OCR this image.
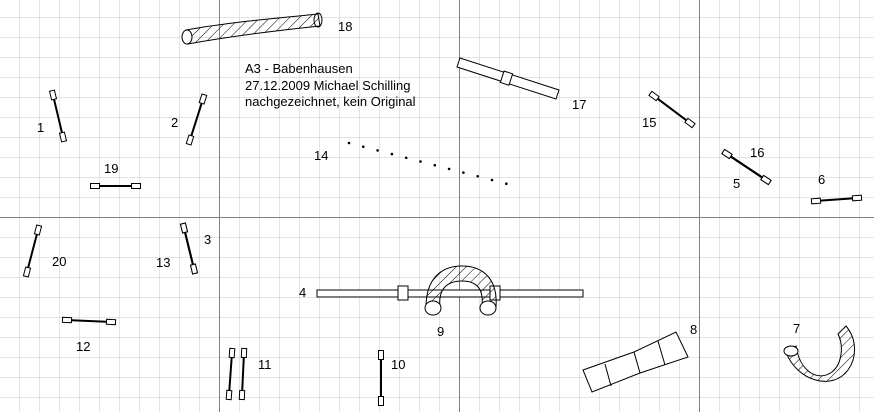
1	2
3
4
5	6
7
8
9
10
11
12
13
14
15
16
17
18
19
20
A3 - Babenhausen
27.12.2009 Michael Schilling
nachgezeichnet, kein Original
